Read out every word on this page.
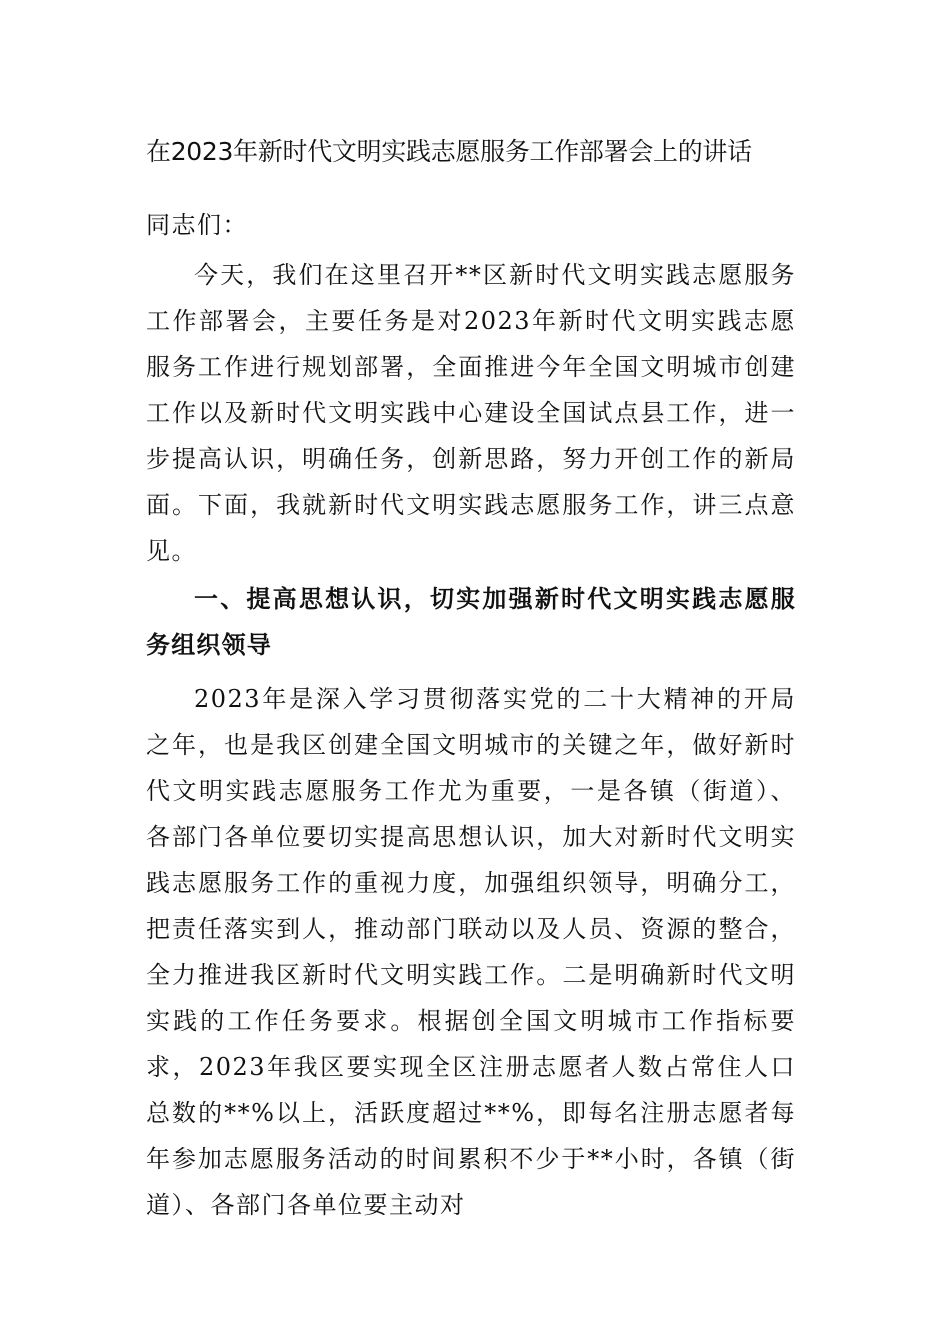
在2023年新时代文明实践志愿服务工作部署会上的讲话
同志们：
今天，我们在这里召开**区新时代文明实践志愿服务工作部署会，主要任务是对2023年新时代文明实践志愿服务工作进行规划部署，全面推进今年全国文明城市创建工作以及新时代文明实践中心建设全国试点县工作，进一步提高认识，明确任务，创新思路，努力开创工作的新局面。下面，我就新时代文明实践志愿服务工作，讲三点意见。
一、提高思想认识，切实加强新时代文明实践志愿服务组织领导
2023年是深入学习贯彻落实党的二十大精神的开局之年，也是我区创建全国文明城市的关键之年，做好新时代文明实践志愿服务工作尤为重要，一是各镇（街道）、各部门各单位要切实提高思想认识，加大对新时代文明实践志愿服务工作的重视力度，加强组织领导，明确分工，把责任落实到人，推动部门联动以及人员、资源的整合，全力推进我区新时代文明实践工作。二是明确新时代文明实践的工作任务要求。根据创全国文明城市工作指标要求，2023年我区要实现全区注册志愿者人数占常住人口总数的**%以上，活跃度超过**%，即每名注册志愿者每年参加志愿服务活动的时间累积不少于**小时，各镇（街道）、各部门各单位要主动对
